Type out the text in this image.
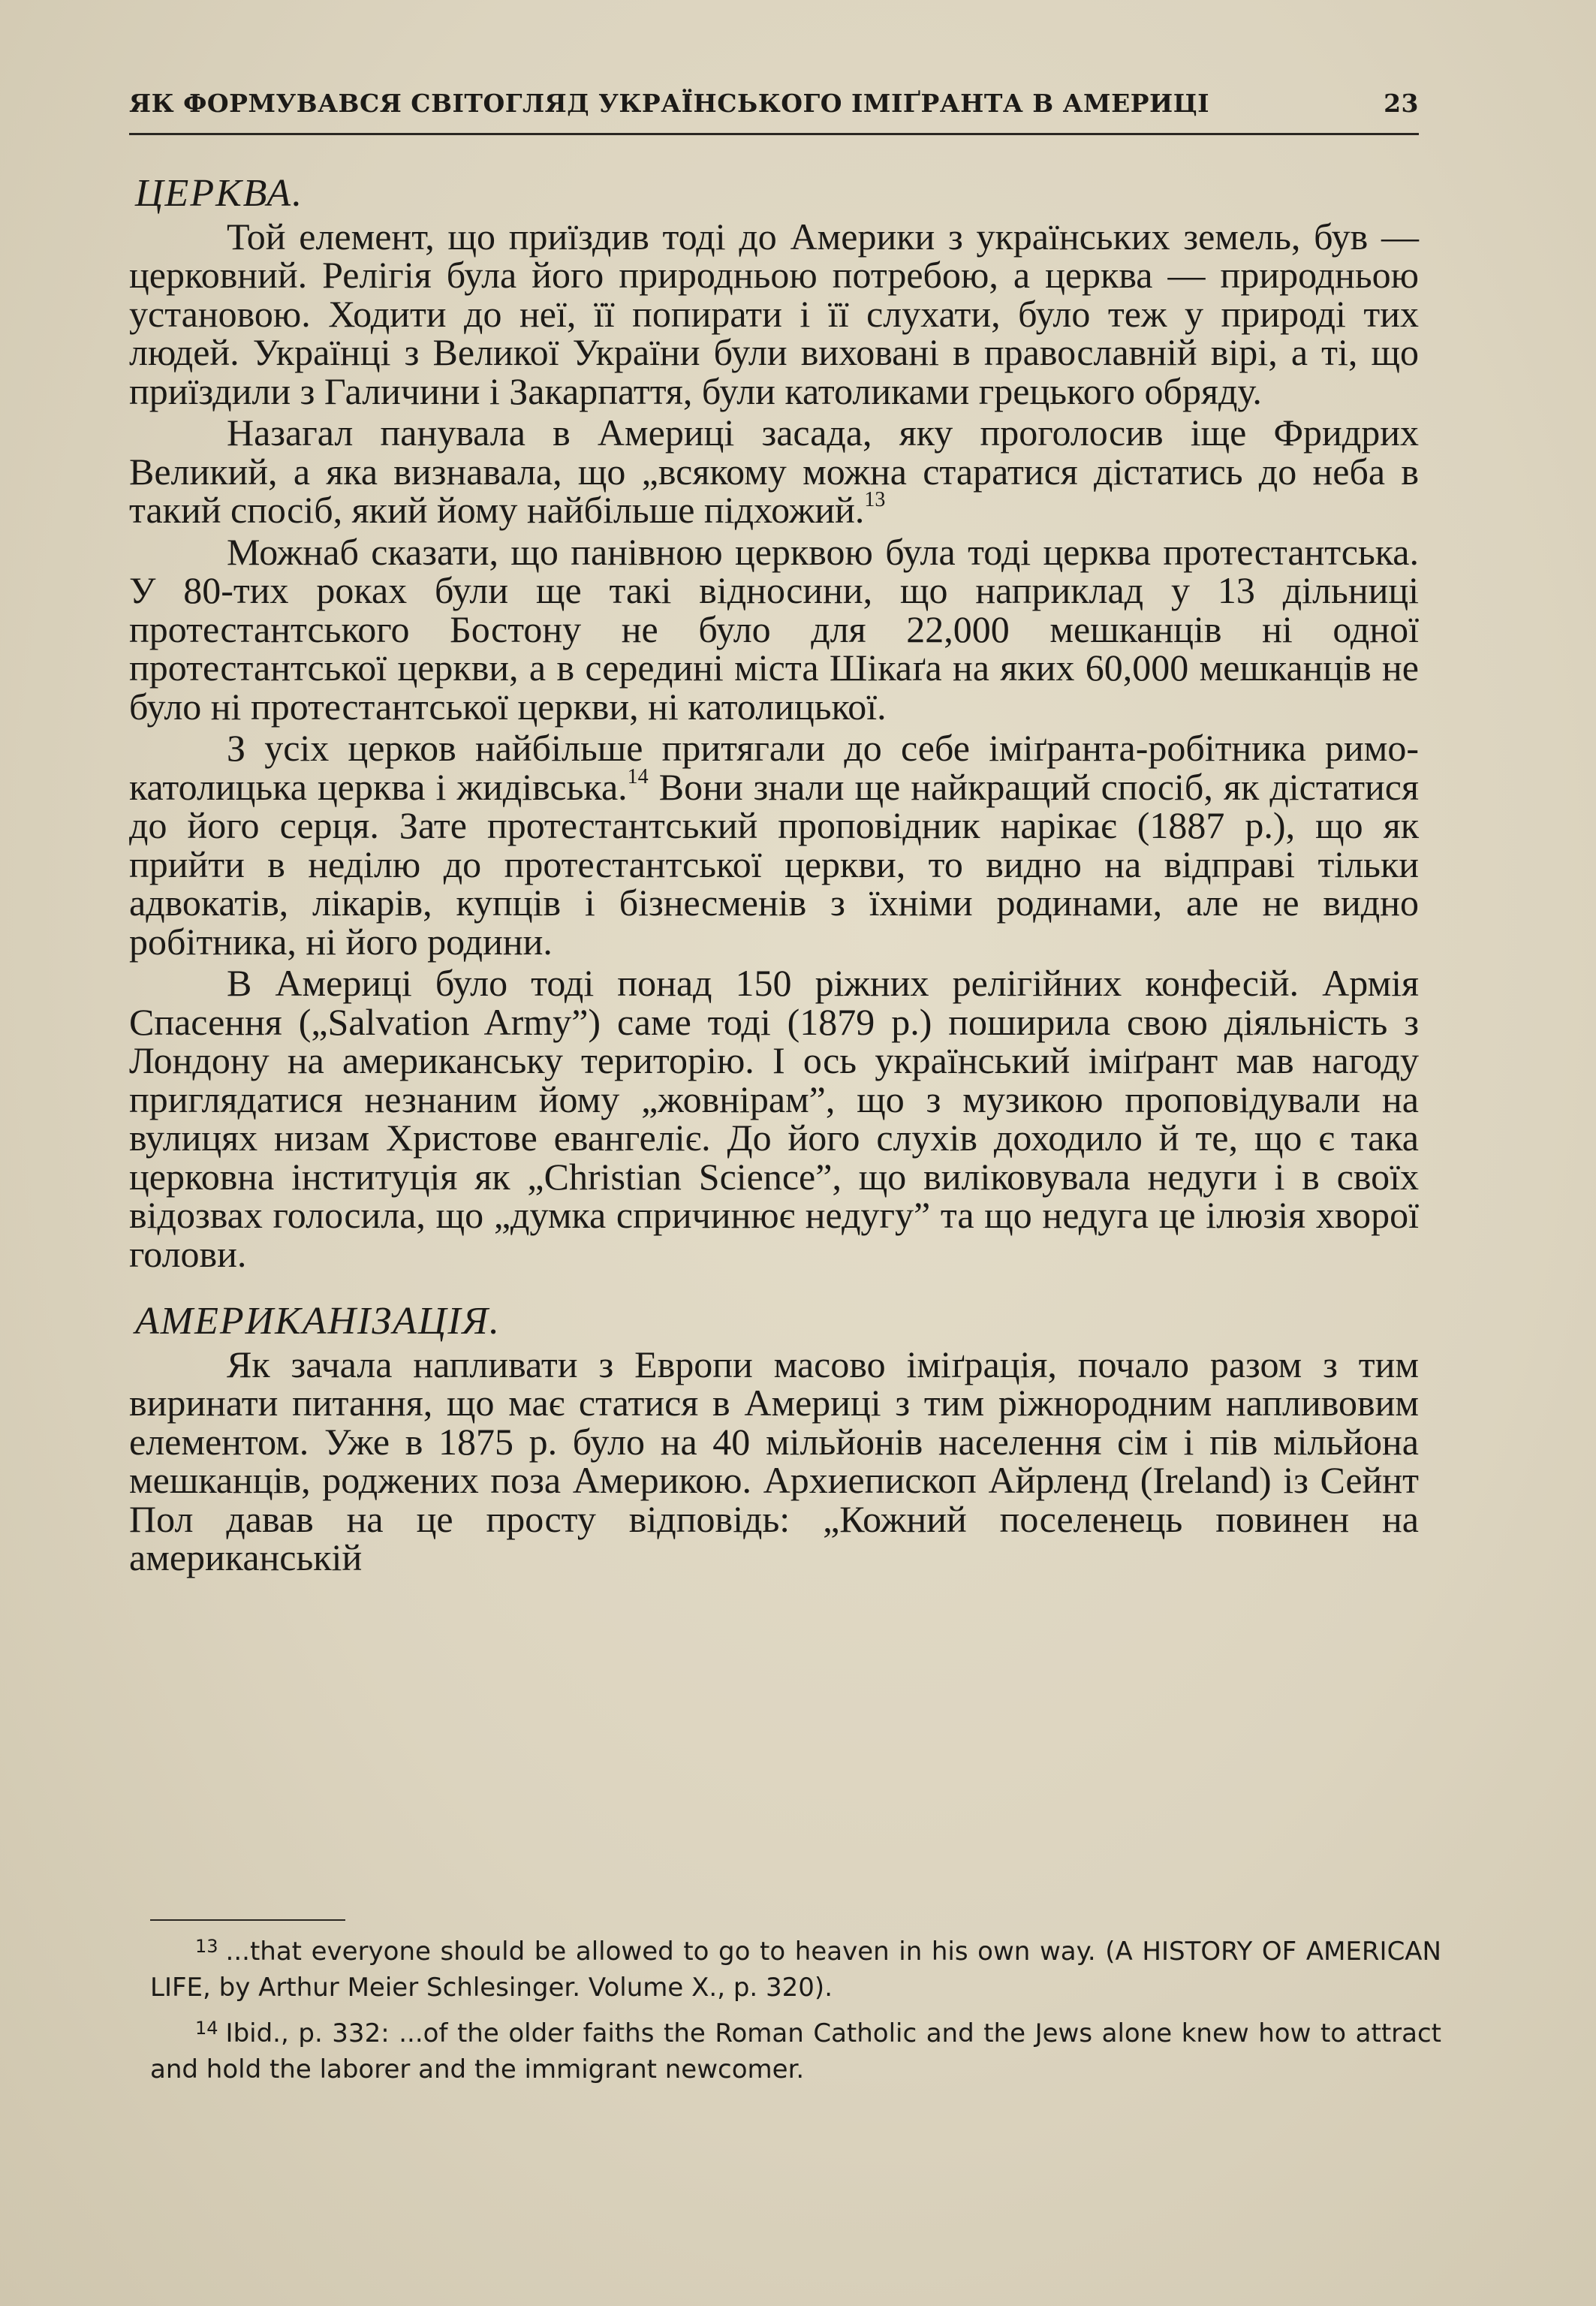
ЯК ФОРМУВАВСЯ СВІТОГЛЯД УКРАЇНСЬКОГО ІМІҐРАНТА В АМЕРИЦІ	23
ЦЕРКВА.

Той елемент, що приїздив тоді до Америки з українських земель, був — церковний. Релігія була його природньою потребою, а церква — природньою установою. Ходити до неї, її попирати і її слухати, було теж у природі тих людей. Українці з Великої України були виховані в православній вірі, а ті, що приїздили з Галичини і Закарпаття, були католиками грецького обряду.

Назагал панувала в Америці засада, яку проголосив іще Фридрих Великий, а яка визнавала, що „всякому можна старатися дістатись до неба в такий спосіб, який йому найбільше підхожий.$^{13}$

Можнаб сказати, що панівною церквою була тоді церква протестантська. У 80-тих роках були ще такі відносини, що наприклад у 13 дільниці протестантського Бостону не було для 22,000 мешканців ні одної протестантської церкви, а в середині міста Шікаґа на яких 60,000 мешканців не було ні протестантської церкви, ні католицької.

З усіх церков найбільше притягали до себе іміґранта-робітника римо-католицька церква і жидівська.$^{14}$ Вони знали ще найкращий спосіб, як дістатися до його серця. Зате протестантський проповідник нарікає (1887 р.), що як прийти в неділю до протестантської церкви, то видно на відправі тільки адвокатів, лікарів, купців і бізнесменів з їхніми родинами, але не видно робітника, ні його родини.

В Америці було тоді понад 150 ріжних релігійних конфесій. Армія Спасення („Salvation Army”) саме тоді (1879 р.) поширила свою діяльність з Лондону на американську територію. І ось український іміґрант мав нагоду приглядатися незнаним йому „жовнірам”, що з музикою проповідували на вулицях низам Христове евангеліє. До його слухів доходило й те, що є така церковна інституція як „Christian Science”, що виліковувала недуги і в своїх відозвах голосила, що „думка спричинює недугу” та що недуга це ілюзія хворої голови.

АМЕРИКАНІЗАЦІЯ.

Як зачала напливати з Европи масово іміґрація, почало разом з тим виринати питання, що має статися в Америці з тим ріжнородним напливовим елементом. Уже в 1875 р. було на 40 мільйонів населення сім і пів мільйона мешканців, роджених поза Америкою. Архиепископ Айрленд (Ireland) із Сейнт Пол давав на це просту відповідь: „Кожний поселенець повинен на американській

$^{13}$ ...that everyone should be allowed to go to heaven in his own way. (A HISTORY OF AMERICAN LIFE, by Arthur Meier Schlesinger. Volume X., p. 320).

$^{14}$ Ibid., p. 332: ...of the older faiths the Roman Catholic and the Jews alone knew how to attract and hold the laborer and the immigrant newcomer.
